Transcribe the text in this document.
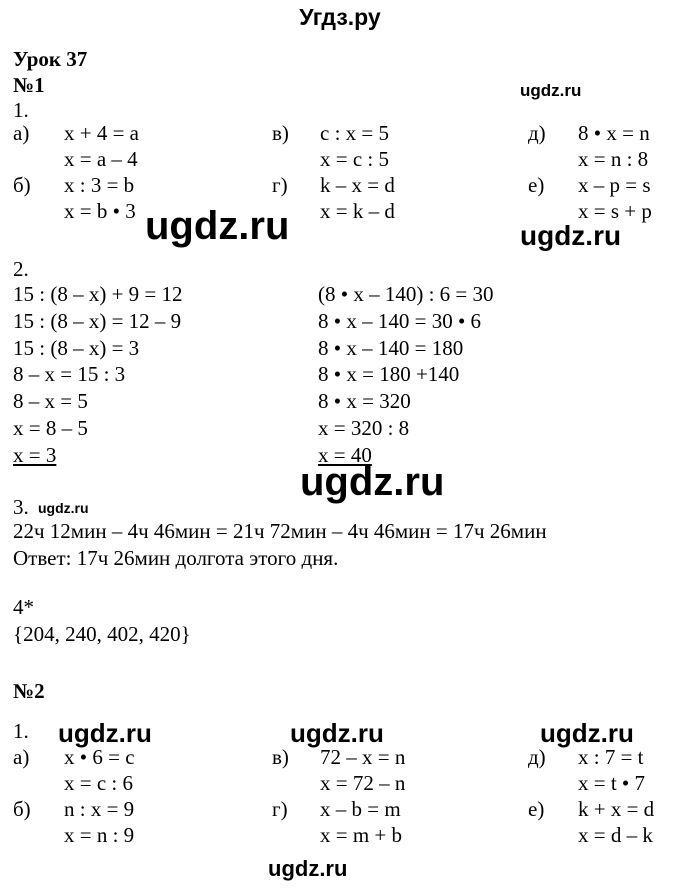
Угдз.ру
Урок 37
№1	ugdz.ru
1.
а) x + 4 = a
x = a – 4
б) x : 3 = b
x = b • 3
в) c : x = 5
x = c : 5
г) k – x = d
x = k – d
д) 8 • x = n
x = n : 8
е) x – p = s
x = s + p
ugdz.ru	ugdz.ru
2.
15 : (8 – x) + 9 = 12
15 : (8 – x) = 12 – 9
15 : (8 – x) = 3
8 – x = 15 : 3
8 – x = 5
x = 8 – 5
x = 3
(8 • x – 140) : 6 = 30
8 • x – 140 = 30 • 6
8 • x – 140 = 180
8 • x = 180 +140
8 • x = 320
x = 320 : 8
x = 40
ugdz.ru
3. ugdz.ru
22ч 12мин – 4ч 46мин = 21ч 72мин – 4ч 46мин = 17ч 26мин
Ответ: 17ч 26мин долгота этого дня.
4*
{204, 240, 402, 420}
№2
1. ugdz.ru	ugdz.ru	ugdz.ru
а) x • 6 = c
x = c : 6
б) n : x = 9
x = n : 9
в) 72 – x = n
x = 72 – n
г) x – b = m
x = m + b
д) x : 7 = t
x = t • 7
е) k + x = d
x = d – k
ugdz.ru
